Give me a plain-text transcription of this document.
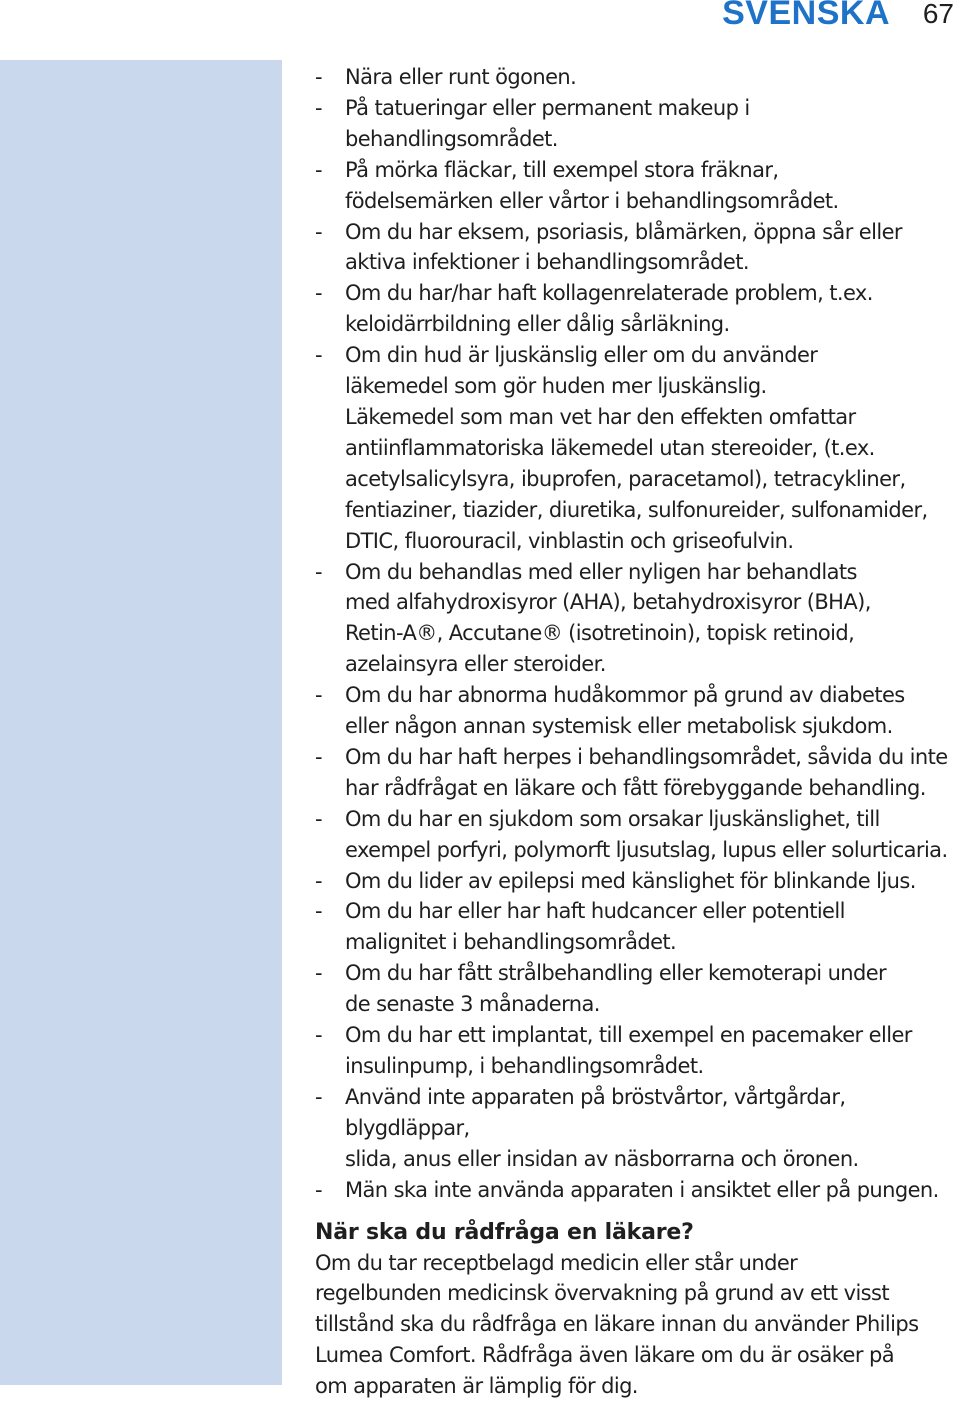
SVENSKA 67
- Nära eller runt ögonen.
- På tatueringar eller permanent makeup i behandlingsområdet.
- På mörka fläckar, till exempel stora fräknar,
födelsemärken eller vårtor i behandlingsområdet.
- Om du har eksem, psoriasis, blåmärken, öppna sår eller
aktiva infektioner i behandlingsområdet.
- Om du har/har haft kollagenrelaterade problem, t.ex.
keloidärrbildning eller dålig sårläkning.
- Om din hud är ljuskänslig eller om du använder
läkemedel som gör huden mer ljuskänslig.
Läkemedel som man vet har den effekten omfattar
antiinflammatoriska läkemedel utan stereoider, (t.ex.
acetylsalicylsyra, ibuprofen, paracetamol), tetracykliner,
fentiaziner, tiazider, diuretika, sulfonureider, sulfonamider,
DTIC, fluorouracil, vinblastin och griseofulvin.
- Om du behandlas med eller nyligen har behandlats
med alfahydroxisyror (AHA), betahydroxisyror (BHA),
Retin-A®, Accutane® (isotretinoin), topisk retinoid,
azelainsyra eller steroider.
- Om du har abnorma hudåkommor på grund av diabetes
eller någon annan systemisk eller metabolisk sjukdom.
- Om du har haft herpes i behandlingsområdet, såvida du inte
har rådfrågat en läkare och fått förebyggande behandling.
- Om du har en sjukdom som orsakar ljuskänslighet, till
exempel porfyri, polymorft ljusutslag, lupus eller solurticaria.
- Om du lider av epilepsi med känslighet för blinkande ljus.
- Om du har eller har haft hudcancer eller potentiell
malignitet i behandlingsområdet.
- Om du har fått strålbehandling eller kemoterapi under
de senaste 3 månaderna.
- Om du har ett implantat, till exempel en pacemaker eller
insulinpump, i behandlingsområdet.
- Använd inte apparaten på bröstvårtor, vårtgårdar, blygdläppar,
slida, anus eller insidan av näsborrarna och öronen.
- Män ska inte använda apparaten i ansiktet eller på pungen.
När ska du rådfråga en läkare?

Om du tar receptbelagd medicin eller står under
regelbunden medicinsk övervakning på grund av ett visst
tillstånd ska du rådfråga en läkare innan du använder Philips
Lumea Comfort. Rådfråga även läkare om du är osäker på
om apparaten är lämplig för dig.
